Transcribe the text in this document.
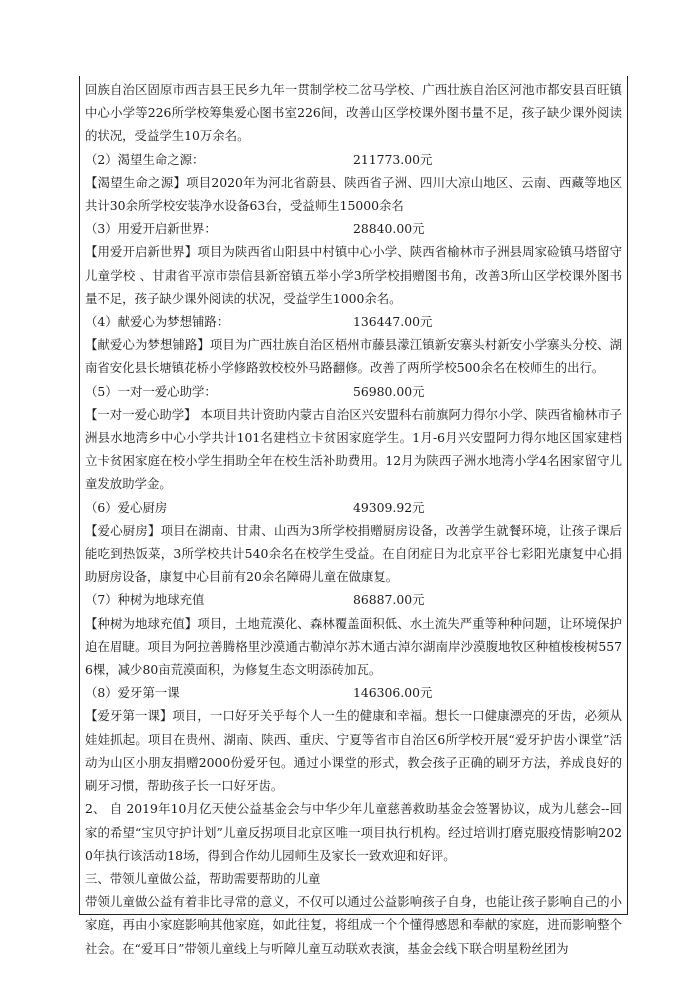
回族自治区固原市西吉县王民乡九年一贯制学校二岔马学校、广西壮族自治区河池市都安县百旺镇中心小学等226所学校筹集爱心图书室226间，改善山区学校课外图书量不足，孩子缺少课外阅读的状况，受益学生10万余名。
（2）渴望生命之源：	211773.00元
【渴望生命之源】项目2020年为河北省蔚县、陕西省子洲、四川大凉山地区、云南、西藏等地区共计30余所学校安装净水设备63台，受益师生15000余名
（3）用爱开启新世界：	28840.00元
【用爱开启新世界】项目为陕西省山阳县中村镇中心小学、陕西省榆林市子洲县周家硷镇马塔留守儿童学校 、甘肃省平凉市崇信县新窑镇五举小学3所学校捐赠图书角，改善3所山区学校课外图书量不足，孩子缺少课外阅读的状况，受益学生1000余名。
（4）献爱心为梦想铺路：	136447.00元
【献爱心为梦想铺路】项目为广西壮族自治区梧州市藤县濛江镇新安寨头村新安小学寨头分校、湖南省安化县长塘镇花桥小学修路敦校校外马路翻修。改善了两所学校500余名在校师生的出行。
（5）一对一爱心助学：	56980.00元
【一对一爱心助学】 本项目共计资助内蒙古自治区兴安盟科右前旗阿力得尔小学、陕西省榆林市子洲县水地湾乡中心小学共计101名建档立卡贫困家庭学生。1月-6月兴安盟阿力得尔地区国家建档立卡贫困家庭在校小学生捐助全年在校生活补助费用。12月为陕西子洲水地湾小学4名困家留守儿童发放助学金。
（6）爱心厨房	49309.92元
【爱心厨房】项目在湖南、甘肃、山西为3所学校捐赠厨房设备，改善学生就餐环境，让孩子课后能吃到热饭菜，3所学校共计540余名在校学生受益。在自闭症日为北京平谷七彩阳光康复中心捐助厨房设备，康复中心目前有20余名障碍儿童在做康复。
（7）种树为地球充值	86887.00元
【种树为地球充值】项目，土地荒漠化、森林覆盖面积低、水土流失严重等种种问题，让环境保护迫在眉睫。项目为阿拉善腾格里沙漠通古勒淖尔苏木通古淖尔湖南岸沙漠腹地牧区种植梭梭树5576棵，减少80亩荒漠面积，为修复生态文明添砖加瓦。
（8）爱牙第一课	146306.00元
【爱牙第一课】项目，一口好牙关乎每个人一生的健康和幸福。想长一口健康漂亮的牙齿，必须从娃娃抓起。项目在贵州、湖南、陕西、重庆、宁夏等省市自治区6所学校开展“爱牙护齿小课堂”活动为山区小朋友捐赠2000份爱牙包。通过小课堂的形式，教会孩子正确的刷牙方法，养成良好的刷牙习惯，帮助孩子长一口好牙齿。
2、 自 2019年10月亿天使公益基金会与中华少年儿童慈善救助基金会签署协议，成为儿慈会--回家的希望“宝贝守护计划”儿童反拐项目北京区唯一项目执行机构。经过培训打磨克服疫情影响2020年执行该活动18场，得到合作幼儿园师生及家长一致欢迎和好评。
三、带领儿童做公益，帮助需要帮助的儿童
带领儿童做公益有着非比寻常的意义，不仅可以通过公益影响孩子自身，也能让孩子影响自己的小家庭，再由小家庭影响其他家庭，如此往复，将组成一个个懂得感恩和奉献的家庭，进而影响整个社会。在“爱耳日”带领儿童线上与听障儿童互动联欢表演，基金会线下联合明星粉丝团为
